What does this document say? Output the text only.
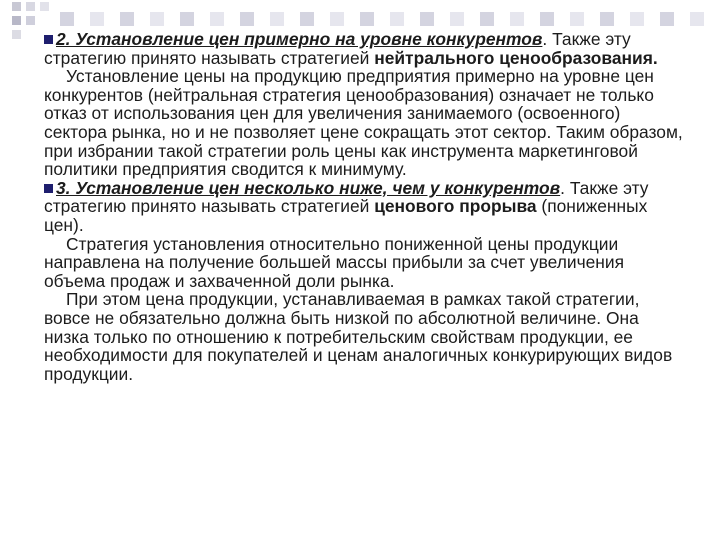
2. Установление цен примерно на уровне конкурентов. Также эту стратегию принято называть стратегией нейтрального ценообразования.

Установление цены на продукцию предприятия примерно на уровне цен конкурентов (нейтральная стратегия ценообразования) означает не только отказ от использования цен для увеличения занимаемого (освоенного) сектора рынка, но и не позволяет цене сокращать этот сектор. Таким образом, при избрании такой стратегии роль цены как инструмента маркетинговой политики предприятия сводится к минимуму.

3. Установление цен несколько ниже, чем у конкурентов. Также эту стратегию принято называть стратегией ценового прорыва (пониженных цен).

Стратегия установления относительно пониженной цены продукции направлена на получение большей массы прибыли за счет увеличения объема продаж и захваченной доли рынка.

При этом цена продукции, устанавливаемая в рамках такой стратегии, вовсе не обязательно должна быть низкой по абсолютной величине. Она низка только по отношению к потребительским свойствам продукции, ее необходимости для покупателей и ценам аналогичных конкурирующих видов продукции.
